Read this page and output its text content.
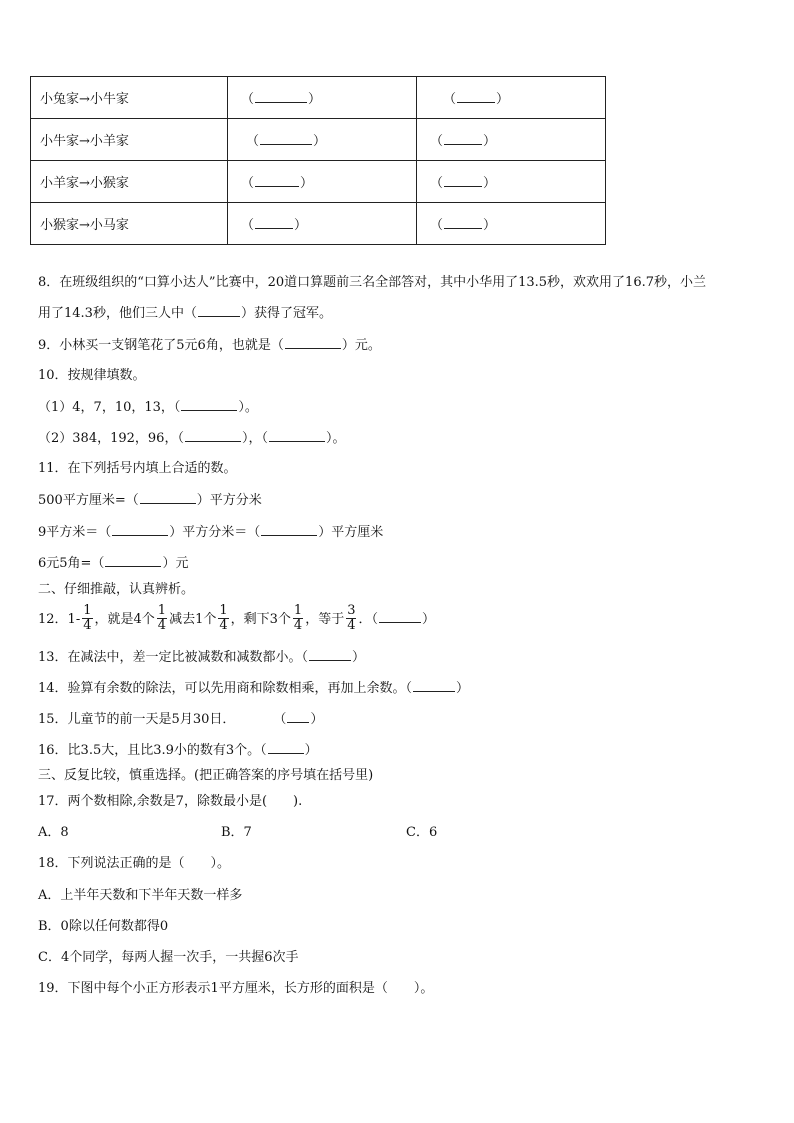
小兔家→小牛家	（ ）	（ ）
小牛家→小羊家	（ ）	（ ）
小羊家→小猴家	（ ）	（ ）
小猴家→小马家	（ ）	（ ）
8．在班级组织的“口算小达人”比赛中，20道口算题前三名全部答对，其中小华用了13.5秒，欢欢用了16.7秒，小兰
用了14.3秒，他们三人中（	）获得了冠军。
9．小林买一支钢笔花了5元6角，也就是（	）元。
10．按规律填数。
（1）4，7，10，13，（	）。
（2）384，192，96，（	），（	）。
11．在下列括号内填上合适的数。
500平方厘米=（	）平方分米
9平方米＝（	）平方分米＝（	）平方厘米
6元5角=（	）元
二、仔细推敲，认真辨析。
12．$1- \frac{1}{4}$ ，就是4个 $\frac{1}{4}$ 减去1个 $\frac{1}{4}$ ，剩下3个 $\frac{1}{4}$ ，等于 $\frac{3}{4}$ ．（	）
13．在减法中，差一定比被减数和减数都小。（	）
14．验算有余数的除法，可以先用商和除数相乘，再加上余数。（	）
15．儿童节的前一天是5月30日．	（ ）
16．比3.5大，且比3.9小的数有3个。（	）
三、反复比较，慎重选择。(把正确答案的序号填在括号里)
17．两个数相除,余数是7，除数最小是(　　).
A．8	B．7	C．6
18．下列说法正确的是（　　）。
A．上半年天数和下半年天数一样多
B．0除以任何数都得0
C．4个同学，每两人握一次手，一共握6次手
19．下图中每个小正方形表示1平方厘米，长方形的面积是（　　）。
